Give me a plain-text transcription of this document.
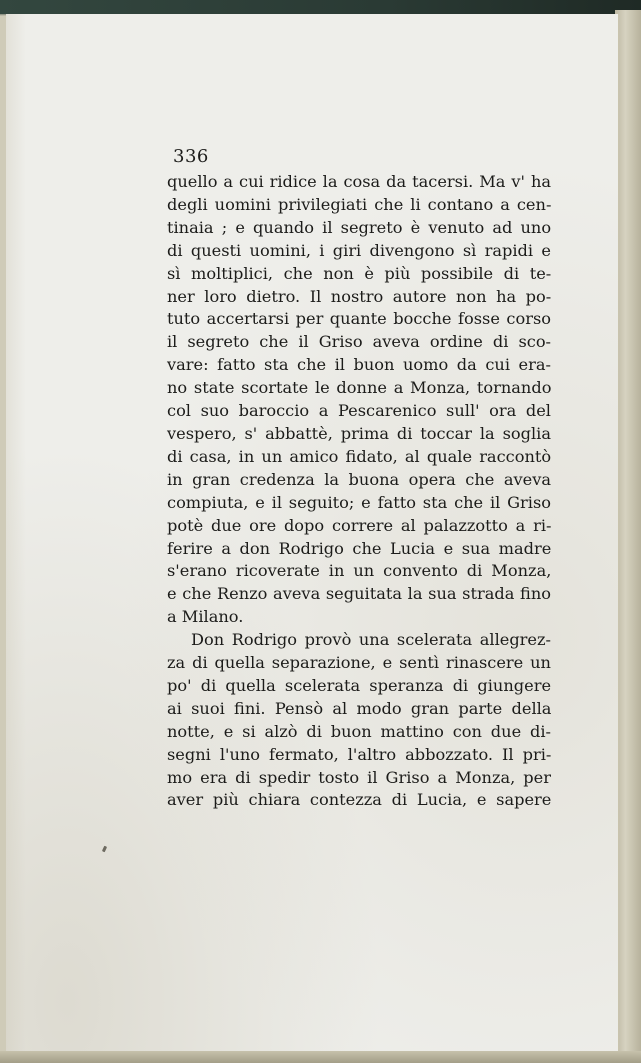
336

quello a cui ridice la cosa da tacersi. Ma v' ha
degli uomini privilegiati che li contano a cen-
tinaia ; e quando il segreto è venuto ad uno
di questi uomini, i giri divengono sì rapidi e
sì moltiplici, che non è più possibile di te-
ner loro dietro. Il nostro autore non ha po-
tuto accertarsi per quante bocche fosse corso
il segreto che il Griso aveva ordine di sco-
vare: fatto sta che il buon uomo da cui era-
no state scortate le donne a Monza, tornando
col suo baroccio a Pescarenico sull' ora del
vespero, s' abbattè, prima di toccar la soglia
di casa, in un amico fidato, al quale raccontò
in gran credenza la buona opera che aveva
compiuta, e il seguito; e fatto sta che il Griso
potè due ore dopo correre al palazzotto a ri-
ferire a don Rodrigo che Lucia e sua madre
s'erano ricoverate in un convento di Monza,
e che Renzo aveva seguitata la sua strada fino
a Milano.

Don Rodrigo provò una scelerata allegrez-
za di quella separazione, e sentì rinascere un
po' di quella scelerata speranza di giungere
ai suoi fini. Pensò al modo gran parte della
notte, e si alzò di buon mattino con due di-
segni l'uno fermato, l'altro abbozzato. Il pri-
mo era di spedir tosto il Griso a Monza, per
aver più chiara contezza di Lucia, e sapere
